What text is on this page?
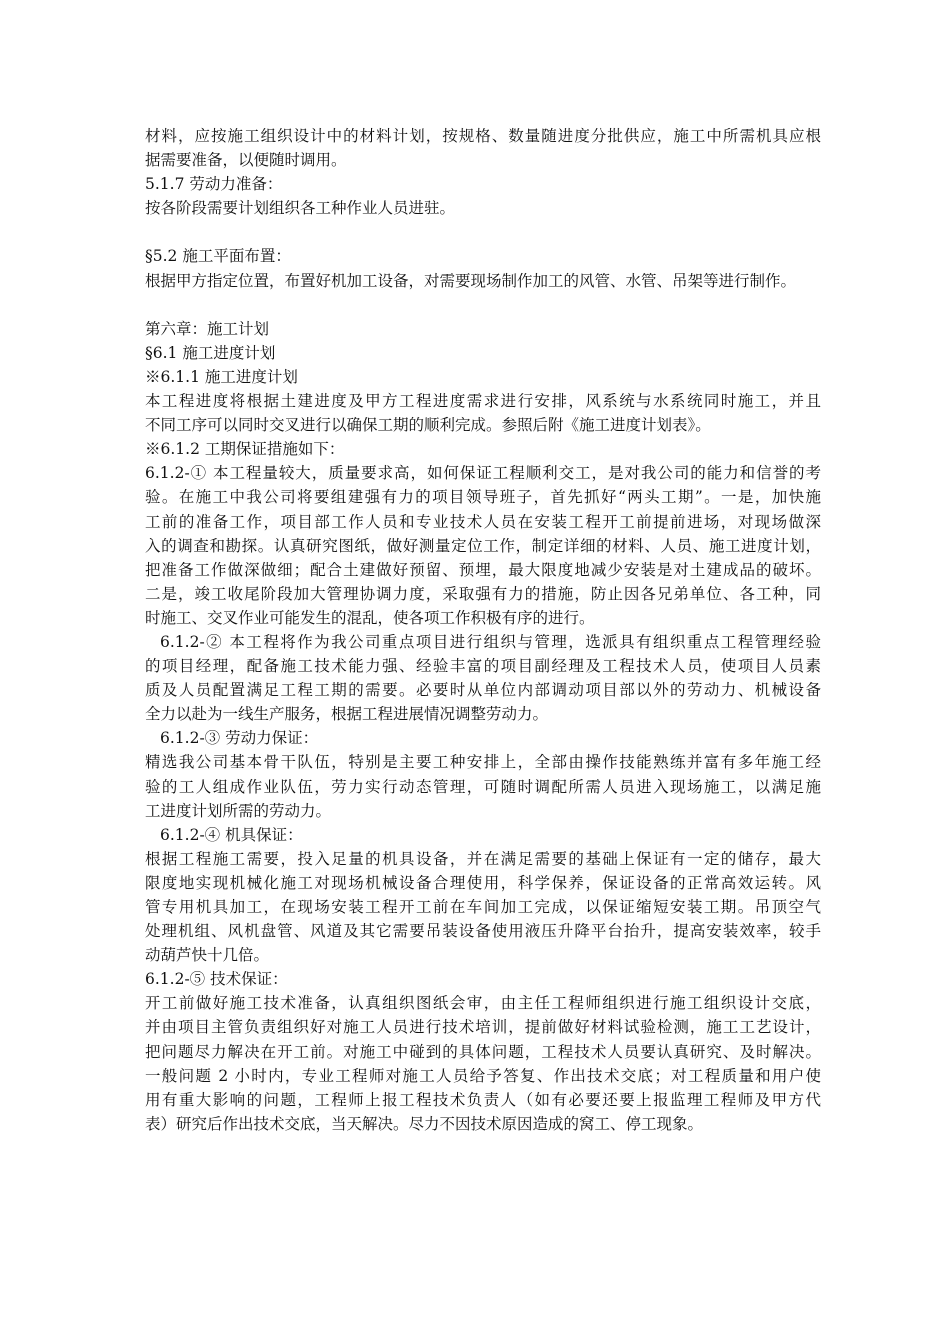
材料，应按施工组织设计中的材料计划，按规格、数量随进度分批供应，施工中所需机具应根
据需要准备，以便随时调用。
5.1.7 劳动力准备：
按各阶段需要计划组织各工种作业人员进驻。
§5.2 施工平面布置：
根据甲方指定位置，布置好机加工设备，对需要现场制作加工的风管、水管、吊架等进行制作。
第六章：施工计划
§6.1 施工进度计划
※6.1.1 施工进度计划
本工程进度将根据土建进度及甲方工程进度需求进行安排，风系统与水系统同时施工，并且
不同工序可以同时交叉进行以确保工期的顺利完成。参照后附《施工进度计划表》。
※6.1.2 工期保证措施如下：
6.1.2-① 本工程量较大，质量要求高，如何保证工程顺利交工，是对我公司的能力和信誉的考
验。在施工中我公司将要组建强有力的项目领导班子，首先抓好“两头工期”。一是，加快施
工前的准备工作，项目部工作人员和专业技术人员在安装工程开工前提前进场，对现场做深
入的调查和勘探。认真研究图纸，做好测量定位工作，制定详细的材料、人员、施工进度计划，
把准备工作做深做细；配合土建做好预留、预埋，最大限度地减少安装是对土建成品的破坏。
二是，竣工收尾阶段加大管理协调力度，采取强有力的措施，防止因各兄弟单位、各工种，同
时施工、交叉作业可能发生的混乱，使各项工作积极有序的进行。
6.1.2-② 本工程将作为我公司重点项目进行组织与管理，选派具有组织重点工程管理经验
的项目经理，配备施工技术能力强、经验丰富的项目副经理及工程技术人员，使项目人员素
质及人员配置满足工程工期的需要。必要时从单位内部调动项目部以外的劳动力、机械设备
全力以赴为一线生产服务，根据工程进展情况调整劳动力。
6.1.2-③ 劳动力保证：
精选我公司基本骨干队伍，特别是主要工种安排上，全部由操作技能熟练并富有多年施工经
验的工人组成作业队伍，劳力实行动态管理，可随时调配所需人员进入现场施工，以满足施
工进度计划所需的劳动力。
6.1.2-④ 机具保证：
根据工程施工需要，投入足量的机具设备，并在满足需要的基础上保证有一定的储存，最大
限度地实现机械化施工对现场机械设备合理使用，科学保养，保证设备的正常高效运转。风
管专用机具加工，在现场安装工程开工前在车间加工完成，以保证缩短安装工期。吊顶空气
处理机组、风机盘管、风道及其它需要吊装设备使用液压升降平台抬升，提高安装效率，较手
动葫芦快十几倍。
6.1.2-⑤ 技术保证：
开工前做好施工技术准备，认真组织图纸会审，由主任工程师组织进行施工组织设计交底，
并由项目主管负责组织好对施工人员进行技术培训，提前做好材料试验检测，施工工艺设计，
把问题尽力解决在开工前。对施工中碰到的具体问题，工程技术人员要认真研究、及时解决。
一般问题 2 小时内，专业工程师对施工人员给予答复、作出技术交底；对工程质量和用户使
用有重大影响的问题，工程师上报工程技术负责人（如有必要还要上报监理工程师及甲方代
表）研究后作出技术交底，当天解决。尽力不因技术原因造成的窝工、停工现象。
